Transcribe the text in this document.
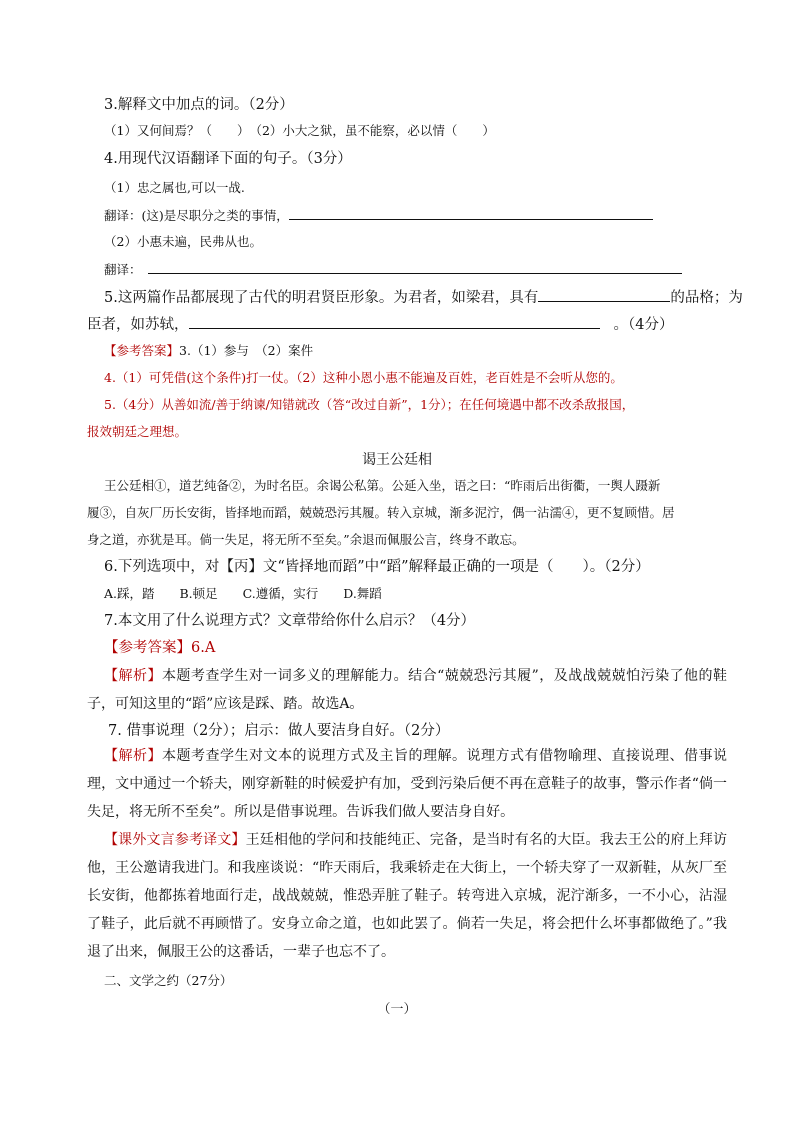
3.解释文中加点的词。（2分）
（1）又何间焉？（　　）　（2）小大之狱，虽不能察，必以情（　　）
4.用现代汉语翻译下面的句子。（3分）
（1）忠之属也,可以一战.
翻译：(这)是尽职分之类的事情，
（2）小惠未遍，民弗从也。
翻译：
5.这两篇作品都展现了古代的明君贤臣形象。为君者，如梁君，具有	的品格；为
臣者，如苏轼，	。（4分）
【参考答案】3.（1）参与　（2）案件
4.（1）可凭借(这个条件)打一仗。（2）这种小恩小惠不能遍及百姓，老百姓是不会听从您的。
5.（4分）从善如流/善于纳谏/知错就改（答“改过自新”，1分）；在任何境遇中都不改杀敌报国，
报效朝廷之理想。
谒王公廷相
王公廷相①，道艺纯备②，为时名臣。余谒公私第。公延入坐，语之曰：“昨雨后出街衢，一舆人蹑新
履③，自灰厂历长安街，皆择地而蹈，兢兢恐污其履。转入京城，渐多泥泞，偶一沾濡④，更不复顾惜。居
身之道，亦犹是耳。倘一失足，将无所不至矣。”余退而佩服公言，终身不敢忘。
6.下列选项中，对【丙】文“皆择地而蹈”中“蹈”解释最正确的一项是（　　）。（2分）
A.踩，踏　　B.顿足　　C.遵循，实行　　D.舞蹈
7.本文用了什么说理方式？文章带给你什么启示？（4分）
【参考答案】6.A
【解析】本题考查学生对一词多义的理解能力。结合“兢兢恐污其履”，及战战兢兢怕污染了他的鞋子，可知这里的“蹈”应该是踩、踏。故选A。
7. 借事说理（2分）；启示：做人要洁身自好。（2分）
【解析】本题考查学生对文本的说理方式及主旨的理解。说理方式有借物喻理、直接说理、借事说理，文中通过一个轿夫，刚穿新鞋的时候爱护有加，受到污染后便不再在意鞋子的故事，警示作者“倘一失足，将无所不至矣”。所以是借事说理。告诉我们做人要洁身自好。
【课外文言参考译文】王廷相他的学问和技能纯正、完备，是当时有名的大臣。我去王公的府上拜访他，王公邀请我进门。和我座谈说：“昨天雨后，我乘轿走在大街上，一个轿夫穿了一双新鞋，从灰厂至长安街，他都拣着地面行走，战战兢兢，惟恐弄脏了鞋子。转弯进入京城，泥泞渐多，一不小心，沾湿了鞋子，此后就不再顾惜了。安身立命之道，也如此罢了。倘若一失足，将会把什么坏事都做绝了。”我退了出来，佩服王公的这番话，一辈子也忘不了。
二、文学之约（27分）
（一）
